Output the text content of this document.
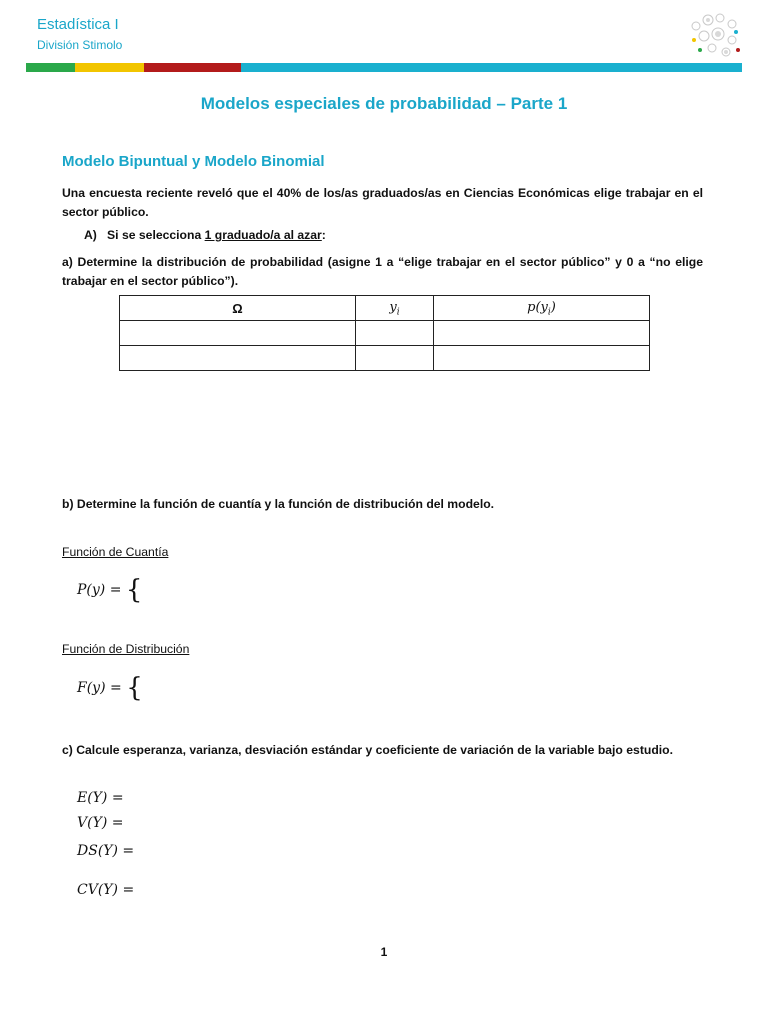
Estadística I
División Stimolo
Modelos especiales de probabilidad – Parte 1
Modelo Bipuntual y Modelo Binomial
Una encuesta reciente reveló que el 40% de los/as graduados/as en Ciencias Económicas elige trabajar en el sector público.
A) Si se selecciona 1 graduado/a al azar:
a) Determine la distribución de probabilidad (asigne 1 a “elige trabajar en el sector público” y 0 a “no elige trabajar en el sector público”).
Ω	$y_i$	$p(y_i)$

b) Determine la función de cuantía y la función de distribución del modelo.
Función de Cuantía
P(y) = {
Función de Distribución
F(y) = {
c) Calcule esperanza, varianza, desviación estándar y coeficiente de variación de la variable bajo estudio.
E(Y) =
V(Y) =
DS(Y) =
CV(Y) =
1
